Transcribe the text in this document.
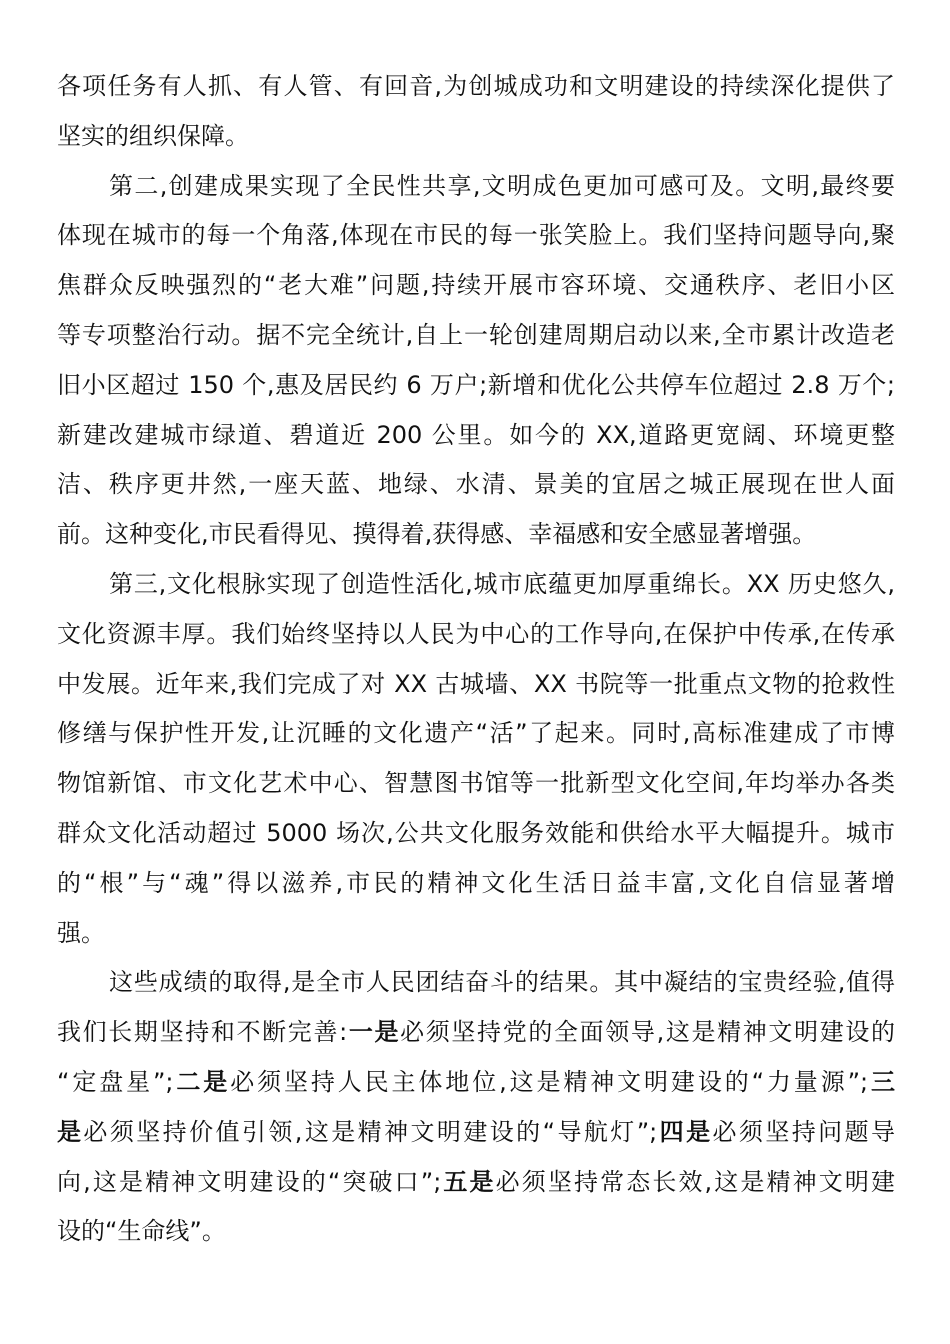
各项任务有人抓、有人管、有回音,为创城成功和文明建设的持续深化提供了
坚实的组织保障。
第二,创建成果实现了全民性共享,文明成色更加可感可及。文明,最终要
体现在城市的每一个角落,体现在市民的每一张笑脸上。我们坚持问题导向,聚
焦群众反映强烈的“老大难”问题,持续开展市容环境、交通秩序、老旧小区
等专项整治行动。据不完全统计,自上一轮创建周期启动以来,全市累计改造老
旧小区超过 150 个,惠及居民约 6 万户;新增和优化公共停车位超过 2.8 万个;
新建改建城市绿道、碧道近 200 公里。如今的 XX,道路更宽阔、环境更整
洁、秩序更井然,一座天蓝、地绿、水清、景美的宜居之城正展现在世人面
前。这种变化,市民看得见、摸得着,获得感、幸福感和安全感显著增强。
第三,文化根脉实现了创造性活化,城市底蕴更加厚重绵长。XX 历史悠久,
文化资源丰厚。我们始终坚持以人民为中心的工作导向,在保护中传承,在传承
中发展。近年来,我们完成了对 XX 古城墙、XX 书院等一批重点文物的抢救性
修缮与保护性开发,让沉睡的文化遗产“活”了起来。同时,高标准建成了市博
物馆新馆、市文化艺术中心、智慧图书馆等一批新型文化空间,年均举办各类
群众文化活动超过 5000 场次,公共文化服务效能和供给水平大幅提升。城市
的“根”与“魂”得以滋养,市民的精神文化生活日益丰富,文化自信显著增
强。
这些成绩的取得,是全市人民团结奋斗的结果。其中凝结的宝贵经验,值得
我们长期坚持和不断完善:一是必须坚持党的全面领导,这是精神文明建设的
“定盘星”;二是必须坚持人民主体地位,这是精神文明建设的“力量源”;三
是必须坚持价值引领,这是精神文明建设的“导航灯”;四是必须坚持问题导
向,这是精神文明建设的“突破口”;五是必须坚持常态长效,这是精神文明建
设的“生命线”。
